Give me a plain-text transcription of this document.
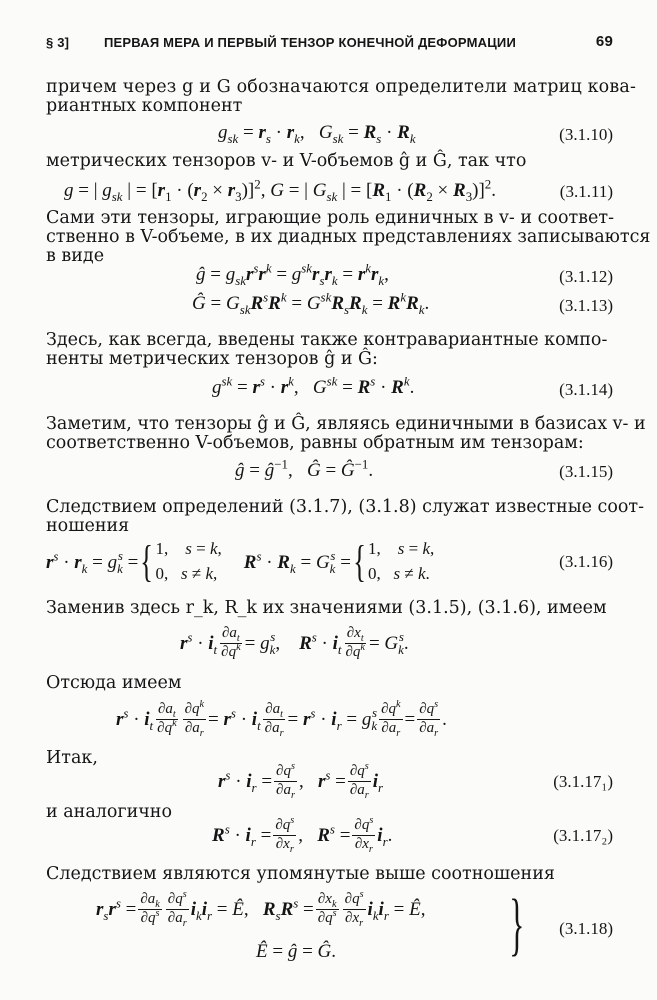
§ 3]	ПЕРВАЯ МЕРА И ПЕРВЫЙ ТЕНЗОР КОНЕЧНОЙ ДЕФОРМАЦИИ	69
причем через g и G обозначаются определители матриц кова-
риантных компонент
$g_{sk} = r_s \cdot r_k$,   $G_{sk} = R_s \cdot R_k$	(3.1.10)
метрических тензоров v- и V-объемов ĝ и Ĝ, так что
g = | $g_{sk}$ | = $[r_1 \cdot (r_2 \times r_3)]^2$, G = | $G_{sk}$ | = $[R_1 \cdot (R_2 \times R_3)]^2$.	(3.1.11)
Сами эти тензоры, играющие роль единичных в v- и соответ-
ственно в V-объеме, в их диадных представлениях записываются
в виде
ĝ = $g_{sk}r^sr^k = g^{sk}r_sr_k = r^kr_k$,	(3.1.12)
Ĝ = $G_{sk}R^sR^k = G^{sk}R_sR_k = R^kR_k$.	(3.1.13)
Здесь, как всегда, введены также контравариантные компо-
ненты метрических тензоров ĝ и Ĝ:
$g^{sk} = r^s \cdot r^k$,   $G^{sk} = R^s \cdot R^k$.	(3.1.14)
Заметим, что тензоры ĝ и Ĝ, являясь единичными в базисах v- и
соответственно V-объемов, равны обратным им тензорам:
ĝ = $ĝ^{-1}$,   Ĝ = $Ĝ^{-1}$.	(3.1.15)
Следствием определений (3.1.7), (3.1.8) служат известные соот-
ношения
$r^s \cdot r_k = g_k^s$ = { 1,    s = k,
0,   s ≠ k,
$R^s \cdot R_k = G_k^s$ = { 1,    s = k,
0,   s ≠ k.
(3.1.16)
Заменив здесь r_k, R_k их значениями (3.1.5), (3.1.6), имеем
$r^s \cdot i_t \frac{\partial a_t}{\partial q^k} = g_k^s$,    $R^s \cdot i_t \frac{\partial x_t}{\partial q^k} = G_k^s$.
Отсюда имеем
$r^s \cdot i_t$
$\partial a_t$
$\partial q^k \frac{\partial q^k}{\partial a_r} = r^s \cdot i_t \frac{\partial a_t}{\partial a_r} = r^s \cdot i_r = g_k^s \frac{\partial q^k}{\partial a_r} = \frac{\partial q^s}{\partial a_r}$ .
Итак,
$r^s \cdot i_r = \frac{\partial q^s}{\partial a_r}$ ,   $r^s = \frac{\partial q^s}{\partial a_r} i_r$	(3.1.17₁)
и аналогично
$R^s \cdot i_r = \frac{\partial q^s}{\partial x_r}$ ,   $R^s = \frac{\partial q^s}{\partial x_r} i_r$.	(3.1.17₂)
Следствием являются упомянутые выше соотношения
$r_sr^s = \frac{\partial a_k}{\partial q^s} \partial q^s$
$\partial a_r$
$i_ki_r$ = Ê,   $R_sR^s = \frac{\partial x_k}{\partial q^s} \partial q^s$
$\partial x_r$
$i_ki_r$ = Ê,
Ê = ĝ = Ĝ. } (3.1.18)
